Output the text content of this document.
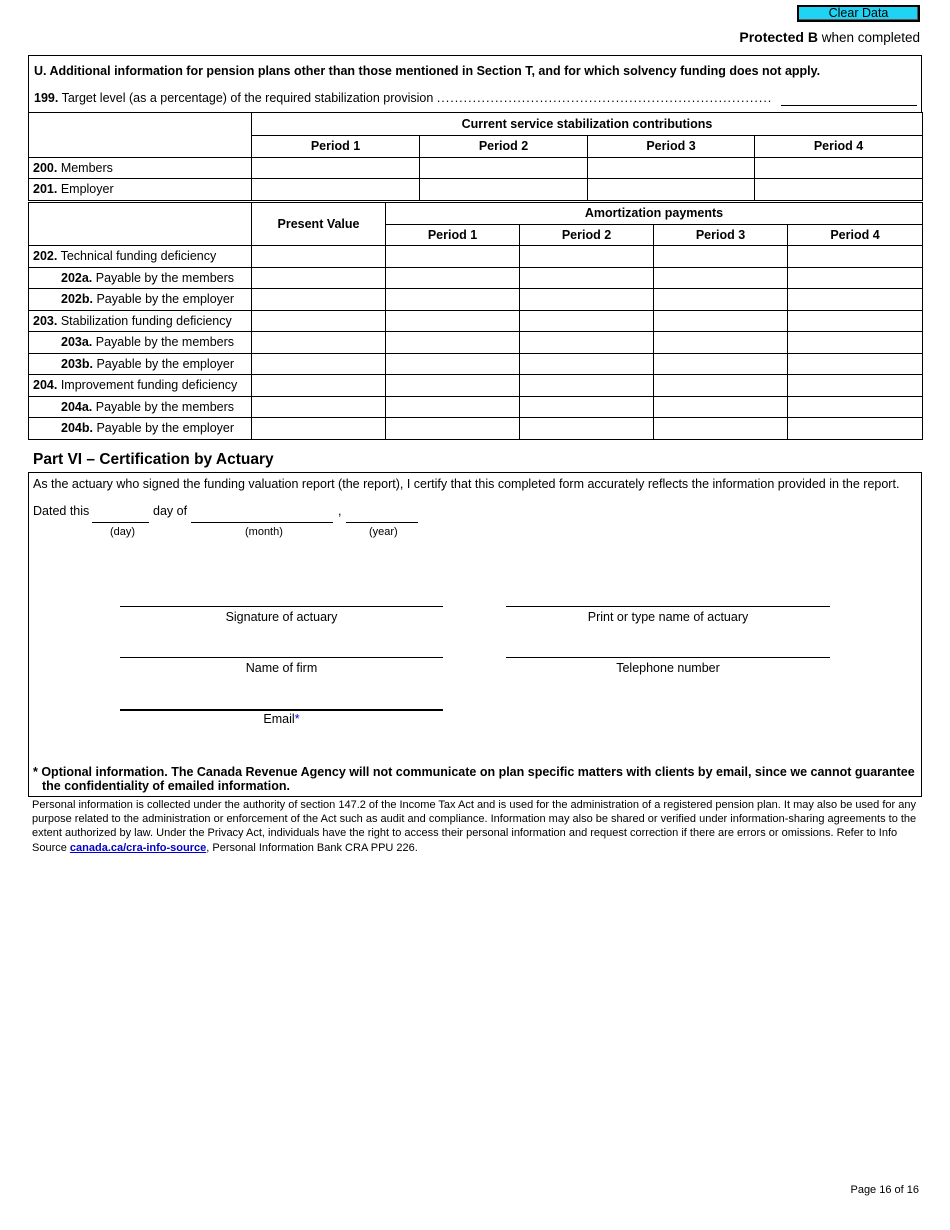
Clear Data
Protected B when completed
U. Additional information for pension plans other than those mentioned in Section T, and for which solvency funding does not apply.
199. Target level (as a percentage) of the required stabilization provision ...........................................................................
	Current service stabilization contributions			
	Period 1	Period 2	Period 3	Period 4
200. Members				
201. Employer				
	Present Value	Amortization payments			
		Period 1	Period 2	Period 3	Period 4
202. Technical funding deficiency					
202a. Payable by the members					
202b. Payable by the employer					
203. Stabilization funding deficiency					
203a. Payable by the members					
203b. Payable by the employer					
204. Improvement funding deficiency					
204a. Payable by the members					
204b. Payable by the employer					
Part VI – Certification by Actuary
As the actuary who signed the funding valuation report (the report), I certify that this completed form accurately reflects the information provided in the report.
Dated this	day of	,
(day)	(month)	(year)
Signature of actuary	Print or type name of actuary
Name of firm	Telephone number
Email*
* Optional information. The Canada Revenue Agency will not communicate on plan specific matters with clients by email, since we cannot guarantee
the confidentiality of emailed information.
Personal information is collected under the authority of section 147.2 of the Income Tax Act and is used for the administration of a registered pension plan. It may also be used for any purpose related to the administration or enforcement of the Act such as audit and compliance. Information may also be shared or verified under information-sharing agreements to the extent authorized by law. Under the Privacy Act, individuals have the right to access their personal information and request correction if there are errors or omissions. Refer to Info Source canada.ca/cra-info-source, Personal Information Bank CRA PPU 226.
Page 16 of 16
